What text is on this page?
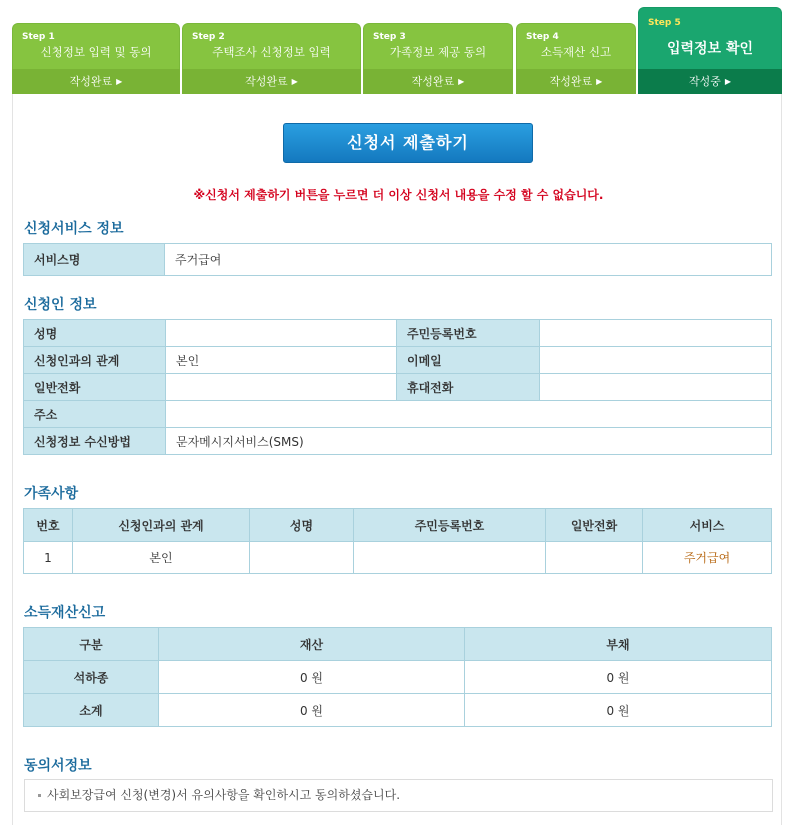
Step 1
신청정보 입력 및 동의
작성완료 ▶
Step 2
주택조사 신청정보 입력
작성완료 ▶
Step 3
가족정보 제공 동의
작성완료 ▶
Step 4
소득재산 신고
작성완료 ▶
Step 5
입력정보 확인
작성중 ▶
신청서 제출하기
※신청서 제출하기 버튼을 누르면 더 이상 신청서 내용을 수정 할 수 없습니다.
신청서비스 정보
서비스명	주거급여
신청인 정보
성명		주민등록번호	
신청인과의 관계	본인	이메일	
일반전화		휴대전화	
주소			
신청정보 수신방법	문자메시지서비스(SMS)		
가족사항
번호	신청인과의 관계	성명	주민등록번호	일반전화	서비스
1	본인				주거급여
소득재산신고
구분	재산	부채
석하종	0 원	0 원
소계	0 원	0 원
동의서정보
사회보장급여 신청(변경)서 유의사항을 확인하시고 동의하셨습니다.
